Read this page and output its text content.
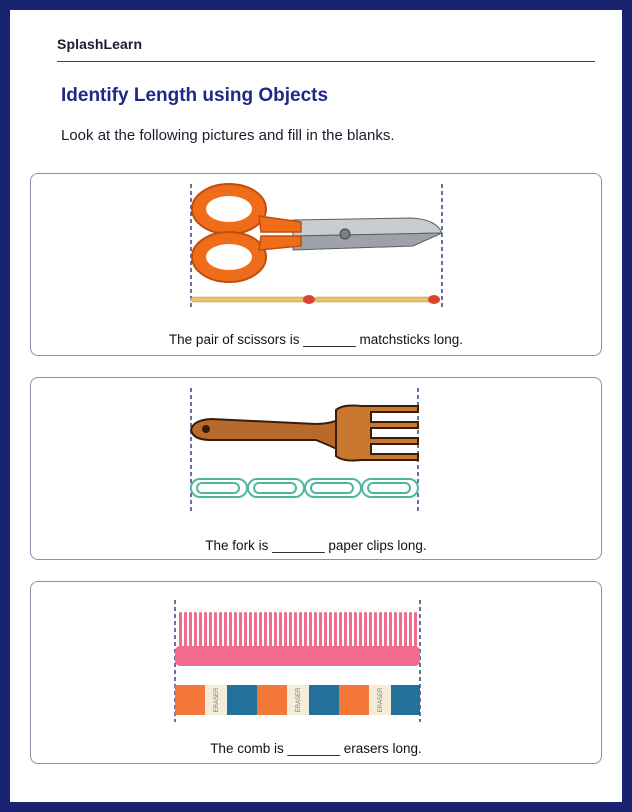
SplashLearn
Identify Length using Objects
Look at the following pictures and fill in the blanks.
The pair of scissors is _______ matchsticks long.
The fork is _______ paper clips long.
ERASER	ERASER	ERASER
The comb is _______ erasers long.
